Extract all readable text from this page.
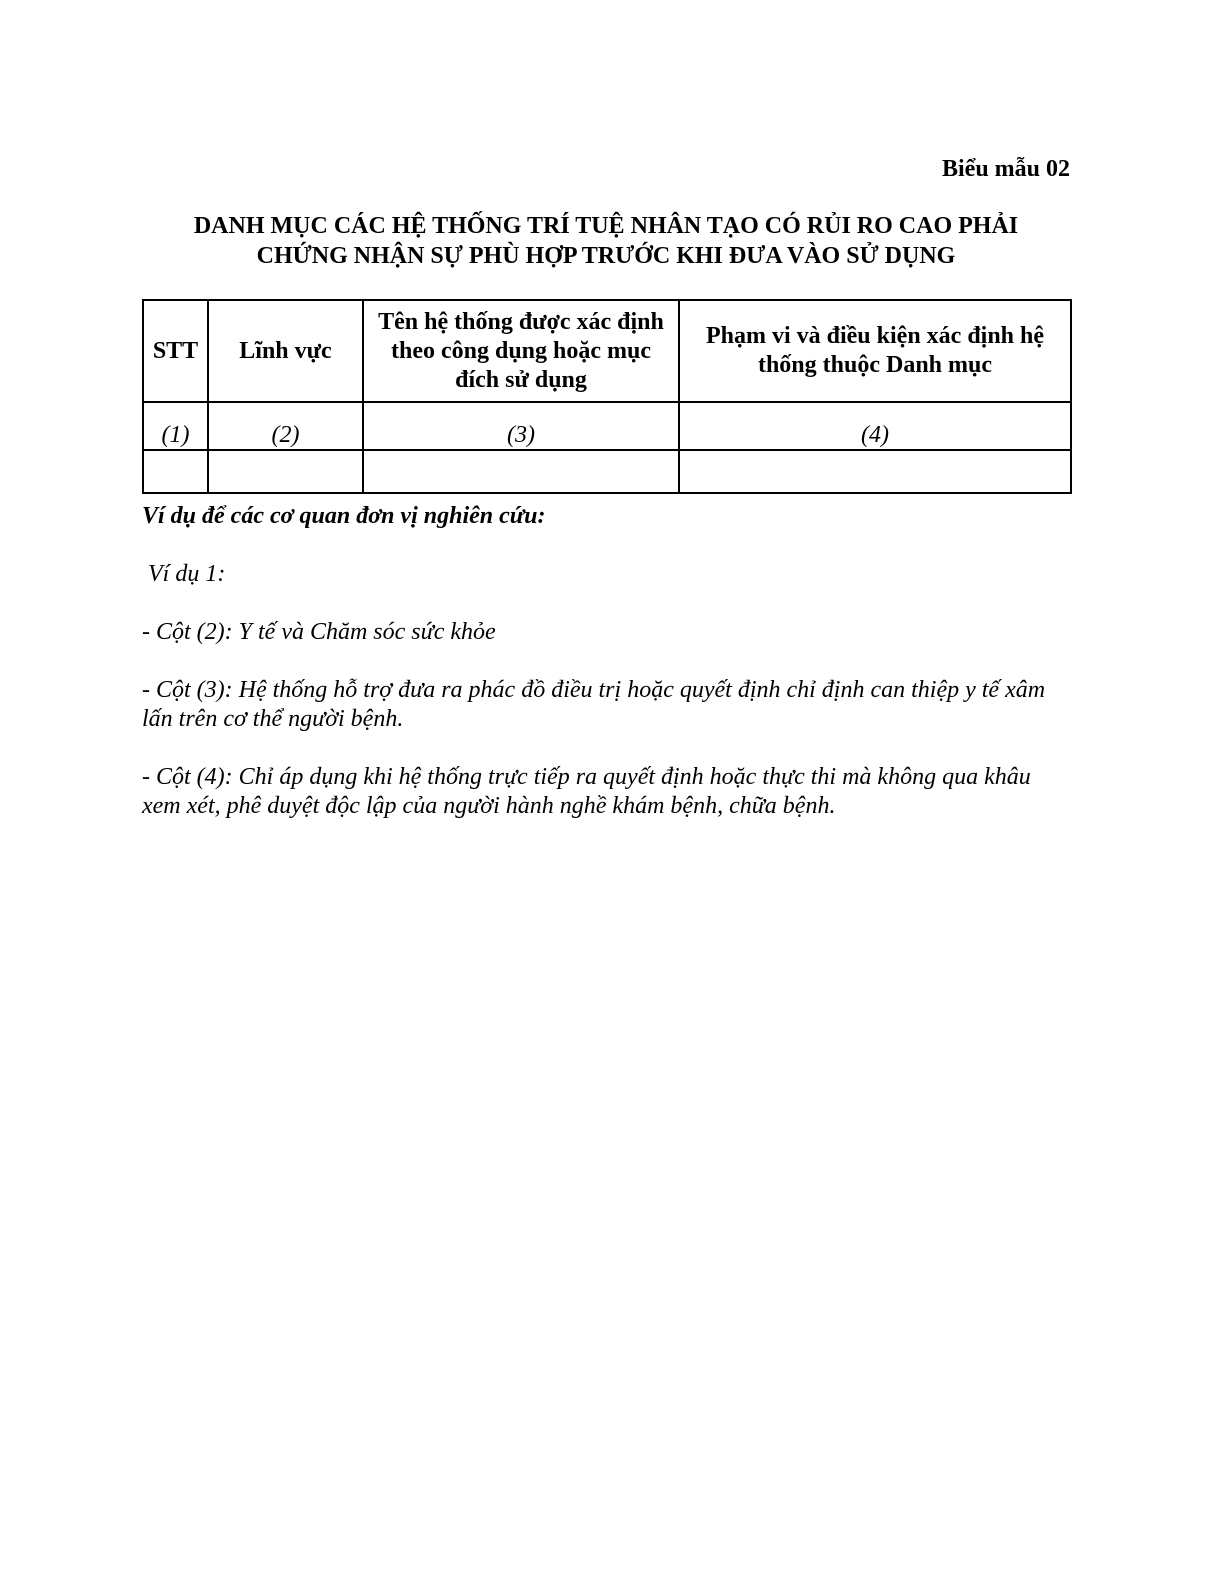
Biểu mẫu 02
DANH MỤC CÁC HỆ THỐNG TRÍ TUỆ NHÂN TẠO CÓ RỦI RO CAO PHẢI
CHỨNG NHẬN SỰ PHÙ HỢP TRƯỚC KHI ĐƯA VÀO SỬ DỤNG
STT	Lĩnh vực	Tên hệ thống được xác định theo công dụng hoặc mục đích sử dụng	Phạm vi và điều kiện xác định hệ thống thuộc Danh mục
(1)	(2)	(3)	(4)

Ví dụ để các cơ quan đơn vị nghiên cứu:
Ví dụ 1:

- Cột (2): Y tế và Chăm sóc sức khỏe

- Cột (3): Hệ thống hỗ trợ đưa ra phác đồ điều trị hoặc quyết định chỉ định can thiệp y tế xâm lấn trên cơ thể người bệnh.

- Cột (4): Chỉ áp dụng khi hệ thống trực tiếp ra quyết định hoặc thực thi mà không qua khâu xem xét, phê duyệt độc lập của người hành nghề khám bệnh, chữa bệnh.
